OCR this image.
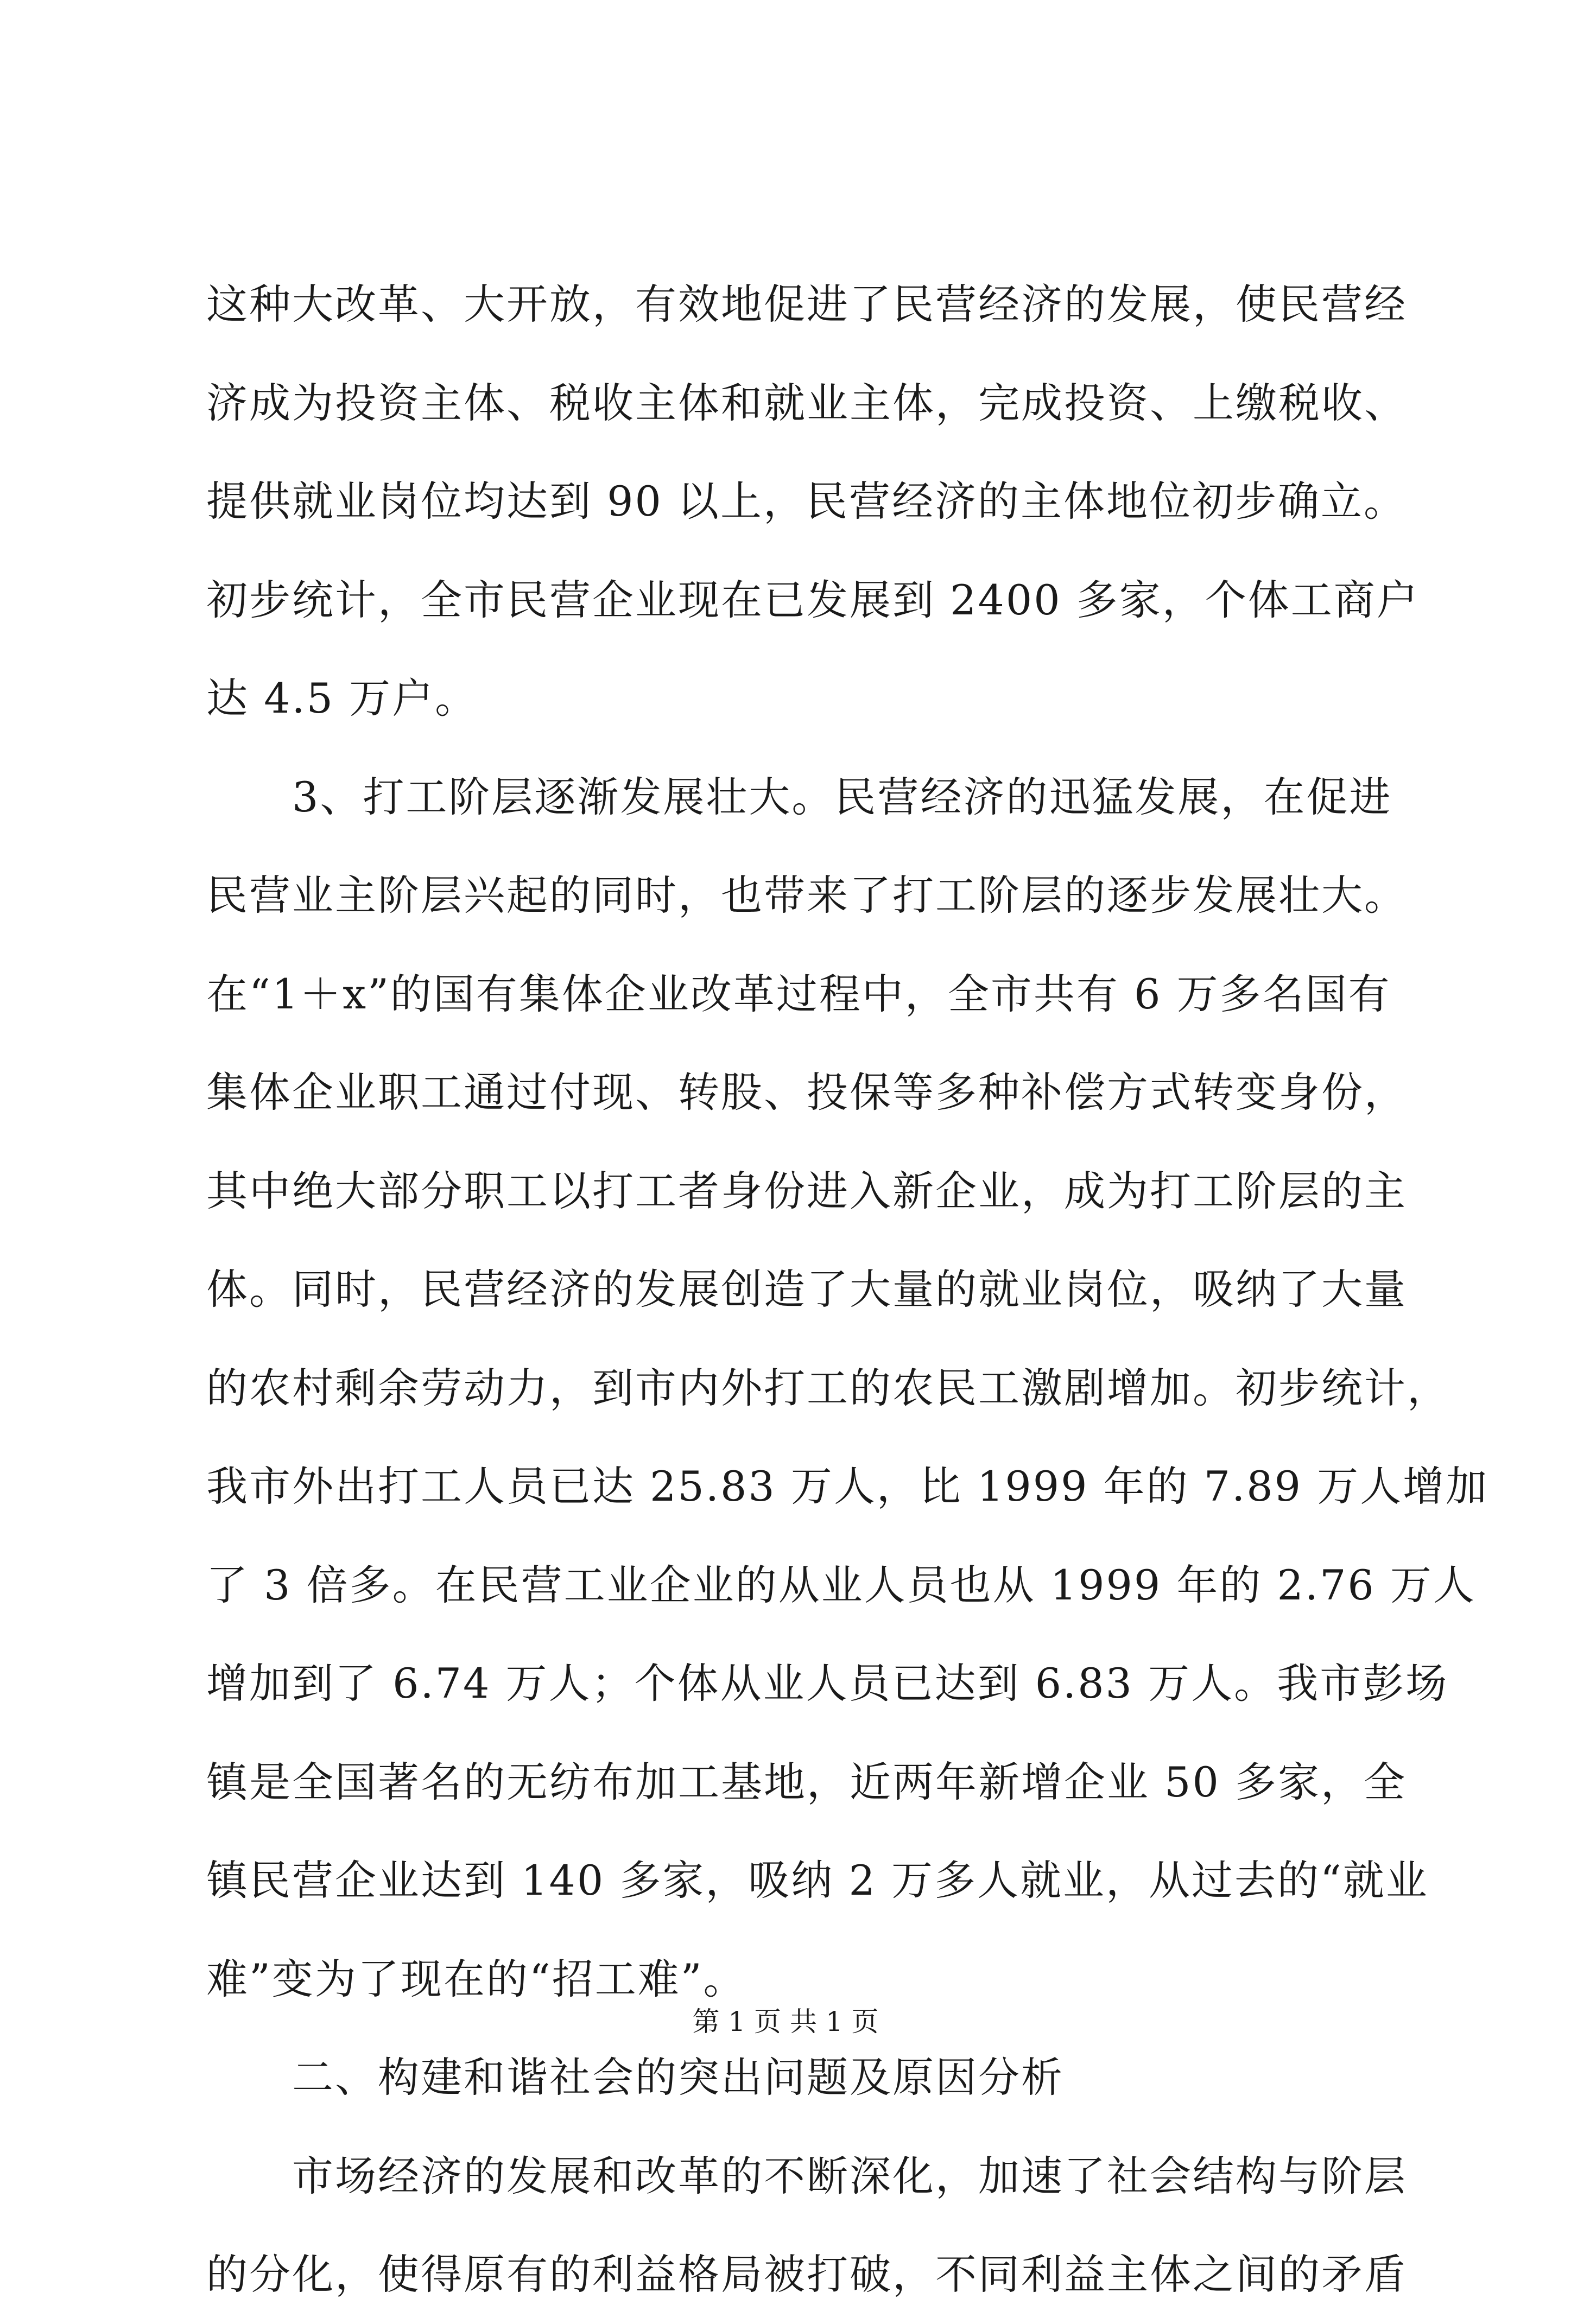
这种大改革、大开放，有效地促进了民营经济的发展，使民营经
济成为投资主体、税收主体和就业主体，完成投资、上缴税收、
提供就业岗位均达到 90 以上，民营经济的主体地位初步确立。
初步统计，全市民营企业现在已发展到 2400 多家，个体工商户
达 4.5 万户。
　　3、打工阶层逐渐发展壮大。民营经济的迅猛发展，在促进
民营业主阶层兴起的同时，也带来了打工阶层的逐步发展壮大。
在“1＋x”的国有集体企业改革过程中，全市共有 6 万多名国有
集体企业职工通过付现、转股、投保等多种补偿方式转变身份，
其中绝大部分职工以打工者身份进入新企业，成为打工阶层的主
体。同时，民营经济的发展创造了大量的就业岗位，吸纳了大量
的农村剩余劳动力，到市内外打工的农民工激剧增加。初步统计，
我市外出打工人员已达 25.83 万人，比 1999 年的 7.89 万人增加
了 3 倍多。在民营工业企业的从业人员也从 1999 年的 2.76 万人
增加到了 6.74 万人；个体从业人员已达到 6.83 万人。我市彭场
镇是全国著名的无纺布加工基地，近两年新增企业 50 多家，全
镇民营企业达到 140 多家，吸纳 2 万多人就业，从过去的“就业
难”变为了现在的“招工难”。
　　二、构建和谐社会的突出问题及原因分析
　　市场经济的发展和改革的不断深化，加速了社会结构与阶层
的分化，使得原有的利益格局被打破，不同利益主体之间的矛盾
第 1 页 共 1 页
